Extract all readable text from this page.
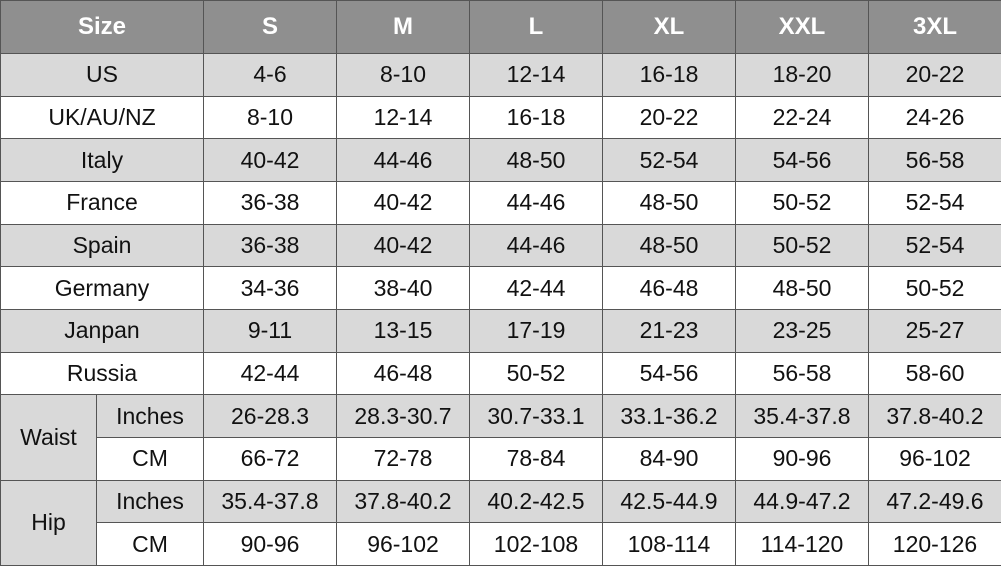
Size		S	M	L	XL	XXL	3XL
US		4-6	8-10	12-14	16-18	18-20	20-22
UK/AU/NZ		8-10	12-14	16-18	20-22	22-24	24-26
Italy		40-42	44-46	48-50	52-54	54-56	56-58
France		36-38	40-42	44-46	48-50	50-52	52-54
Spain		36-38	40-42	44-46	48-50	50-52	52-54
Germany		34-36	38-40	42-44	46-48	48-50	50-52
Janpan		9-11	13-15	17-19	21-23	23-25	25-27
Russia		42-44	46-48	50-52	54-56	56-58	58-60
Waist	Inches	26-28.3	28.3-30.7	30.7-33.1	33.1-36.2	35.4-37.8	37.8-40.2
	CM	66-72	72-78	78-84	84-90	90-96	96-102
Hip	Inches	35.4-37.8	37.8-40.2	40.2-42.5	42.5-44.9	44.9-47.2	47.2-49.6
	CM	90-96	96-102	102-108	108-114	114-120	120-126
